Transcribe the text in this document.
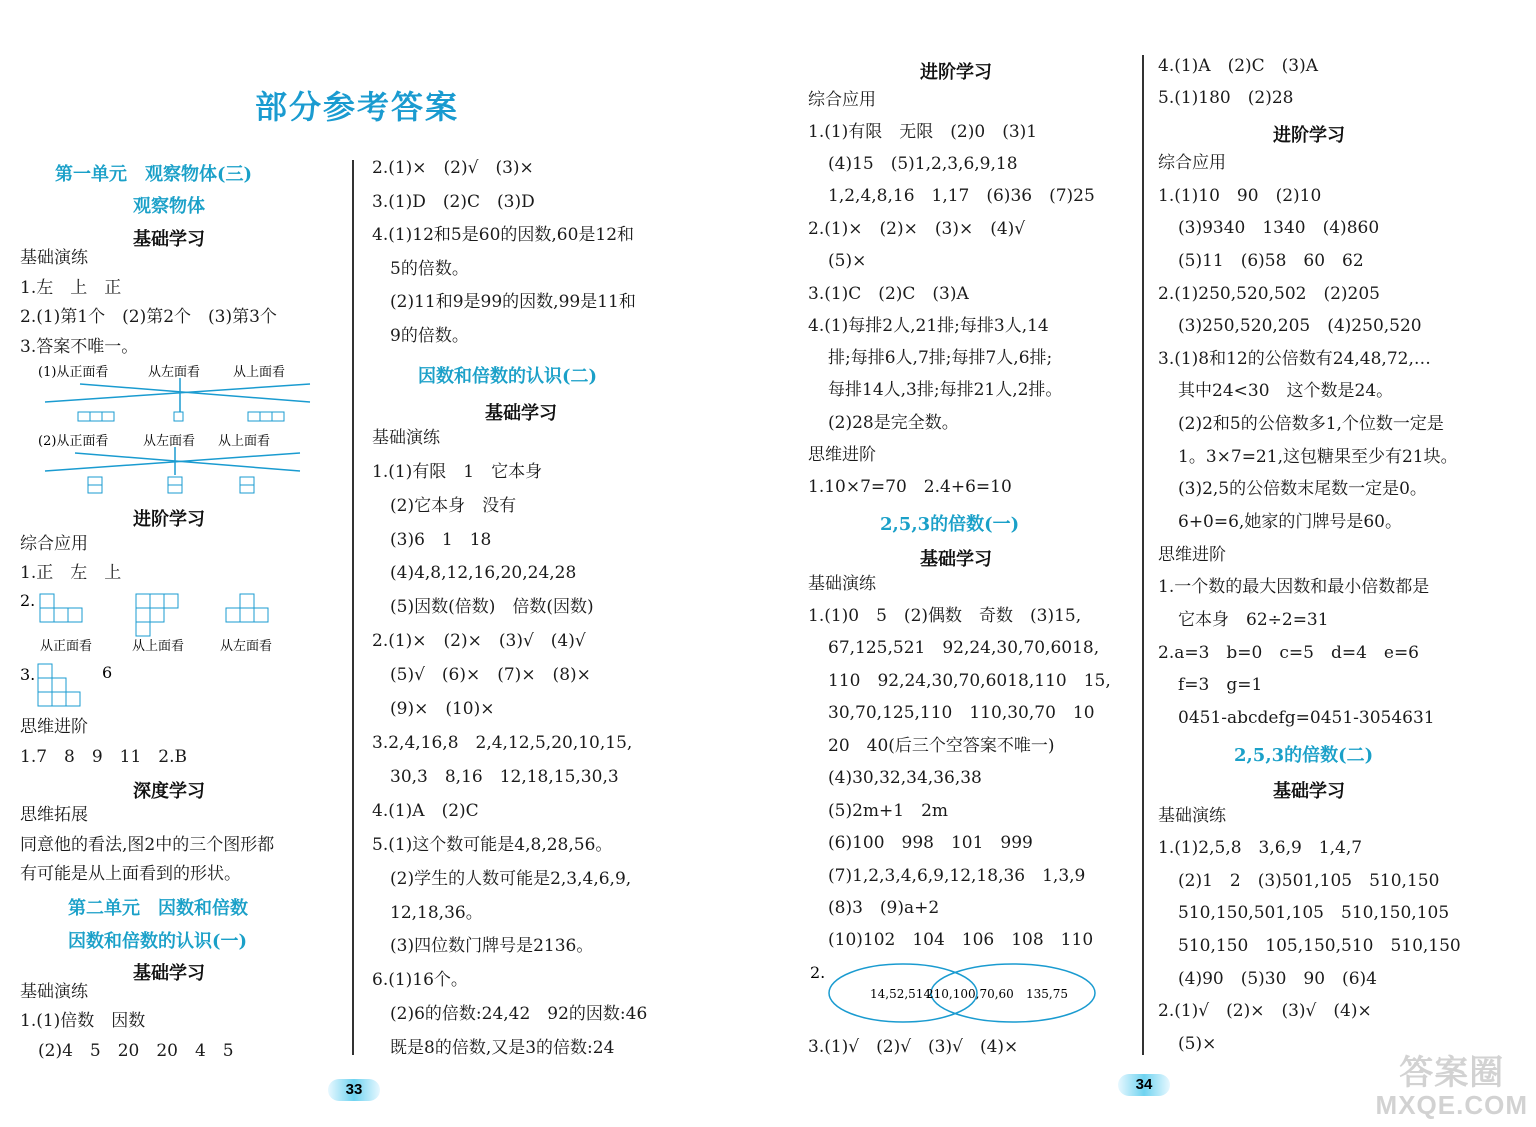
部分参考答案
第一单元　观察物体(三)
观察物体
基础学习
基础演练
1.左　上　正
2.(1)第1个　(2)第2个　(3)第3个
3.答案不唯一。
(1)从正面看	从左面看	从上面看
(2)从正面看	从左面看 从上面看
进阶学习
综合应用
1.正　左　上
2.
从正面看	从上面看	从左面看
3.	6
思维进阶
1.7　8　9　11　2.B
深度学习
思维拓展
同意他的看法,图2中的三个图形都
有可能是从上面看到的形状。
第二单元　因数和倍数
因数和倍数的认识(一)
基础学习
基础演练
1.(1)倍数　因数
(2)4　5　20　20　4　5
2.(1)×　(2)√　(3)×
3.(1)D　(2)C　(3)D
4.(1)12和5是60的因数,60是12和
5的倍数。
(2)11和9是99的因数,99是11和
9的倍数。
因数和倍数的认识(二)
基础学习
基础演练
1.(1)有限　1　它本身
(2)它本身　没有
(3)6　1　18
(4)4,8,12,16,20,24,28
(5)因数(倍数)　倍数(因数)
2.(1)×　(2)×　(3)√　(4)√
(5)√　(6)×　(7)×　(8)×
(9)×　(10)×
3.2,4,16,8　2,4,12,5,20,10,15,
30,3　8,16　12,18,15,30,3
4.(1)A　(2)C
5.(1)这个数可能是4,8,28,56。
(2)学生的人数可能是2,3,4,6,9,
12,18,36。
(3)四位数门牌号是2136。
6.(1)16个。
(2)6的倍数:24,42　92的因数:46
既是8的倍数,又是3的倍数:24
进阶学习
综合应用
1.(1)有限　无限　(2)0　(3)1
(4)15　(5)1,2,3,6,9,18
1,2,4,8,16　1,17　(6)36　(7)25
2.(1)×　(2)×　(3)×　(4)√
(5)×
3.(1)C　(2)C　(3)A
4.(1)每排2人,21排;每排3人,14
排;每排6人,7排;每排7人,6排;
每排14人,3排;每排21人,2排。
(2)28是完全数。
思维进阶
1.10×7=70　2.4+6=10
2,5,3的倍数(一)
基础学习
基础演练
1.(1)0　5　(2)偶数　奇数　(3)15,
67,125,521　92,24,30,70,6018,
110　92,24,30,70,6018,110　15,
30,70,125,110　110,30,70　10
20　40(后三个空答案不唯一)
(4)30,32,34,36,38
(5)2m+1　2m
(6)100　998　101　999
(7)1,2,3,4,6,9,12,18,36　1,3,9
(8)3　(9)a+2
(10)102　104　106　108　110
2.
14,52,514
210,100,70,60 135,75
3.(1)√　(2)√　(3)√　(4)×
4.(1)A　(2)C　(3)A
5.(1)180　(2)28
进阶学习
综合应用
1.(1)10　90　(2)10
(3)9340　1340　(4)860
(5)11　(6)58　60　62
2.(1)250,520,502　(2)205
(3)250,520,205　(4)250,520
3.(1)8和12的公倍数有24,48,72,…
其中24<30　这个数是24。
(2)2和5的公倍数多1,个位数一定是
1。3×7=21,这包糖果至少有21块。
(3)2,5的公倍数末尾数一定是0。
6+0=6,她家的门牌号是60。
思维进阶
1.一个数的最大因数和最小倍数都是
它本身　62÷2=31
2.a=3　b=0　c=5　d=4　e=6
f=3　g=1
0451-abcdefg=0451-3054631
2,5,3的倍数(二)
基础学习
基础演练
1.(1)2,5,8　3,6,9　1,4,7
(2)1　2　(3)501,105　510,150
510,150,501,105　510,150,105
510,150　105,150,510　510,150
(4)90　(5)30　90　(6)4
2.(1)√　(2)×　(3)√　(4)×
(5)×
33	34	答案圈
MXQE.COM
